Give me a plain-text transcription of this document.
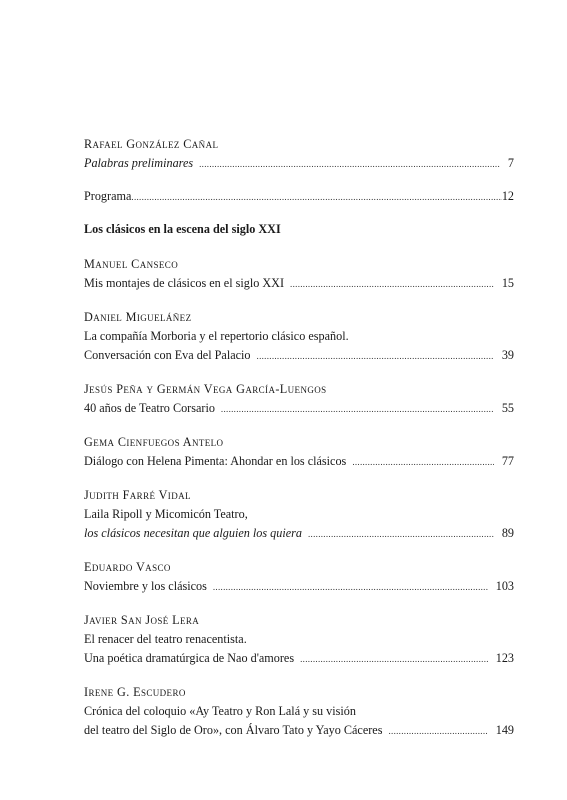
Rafael González Cañal
Palabras preliminares .....	7
Programa .....	12
Los clásicos en la escena del siglo XXI
Manuel Canseco
Mis montajes de clásicos en el siglo XXI .....	15
Daniel Migueláñez
La compañía Morboria y el repertorio clásico español.
Conversación con Eva del Palacio .....	39
Jesús Peña y Germán Vega García-Luengos
40 años de Teatro Corsario .....	55
Gema Cienfuegos Antelo
Diálogo con Helena Pimenta: Ahondar en los clásicos .....	77
Judith Farré Vidal
Laila Ripoll y Micomicón Teatro,
los clásicos necesitan que alguien los quiera .....	89
Eduardo Vasco
Noviembre y los clásicos .....	103
Javier San José Lera
El renacer del teatro renacentista.
Una poética dramatúrgica de Nao d'amores .....	123
Irene G. Escudero
Crónica del coloquio «Ay Teatro y Ron Lalá y su visión
del teatro del Siglo de Oro», con Álvaro Tato y Yayo Cáceres .....	149
